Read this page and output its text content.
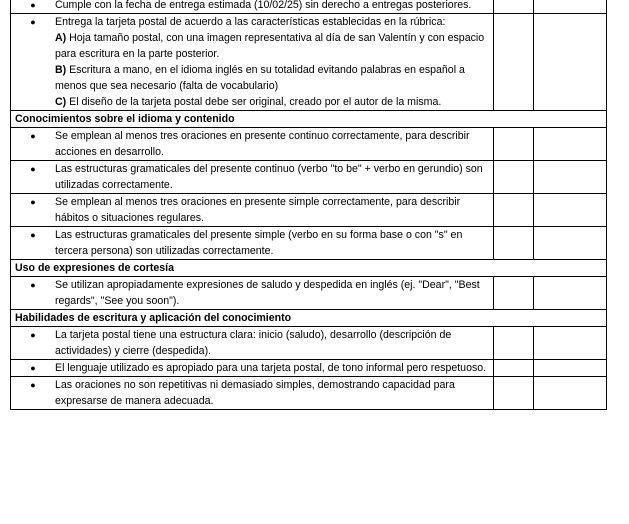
● Cumple con la fecha de entrega estimada (10/02/25) sin derecho a entregas posteriores.		

● Entrega la tarjeta postal de acuerdo a las características establecidas en la rúbrica:
A) Hoja tamaño postal, con una imagen representativa al día de san Valentín y con espacio para escritura en la parte posterior.
B) Escritura a mano, en el idioma inglés en su totalidad evitando palabras en español a menos que sea necesario (falta de vocabulario)
C) El diseño de la tarjeta postal debe ser original, creado por el autor de la misma.		

Conocimientos sobre el idioma y contenido		

● Se emplean al menos tres oraciones en presente continuo correctamente, para describir acciones en desarrollo.		

● Las estructuras gramaticales del presente continuo (verbo "to be" + verbo en gerundio) son utilizadas correctamente.		

● Se emplean al menos tres oraciones en presente simple correctamente, para describir hábitos o situaciones regulares.		

● Las estructuras gramaticales del presente simple (verbo en su forma base o con "s" en tercera persona) son utilizadas correctamente.		

Uso de expresiones de cortesía		

● Se utilizan apropiadamente expresiones de saludo y despedida en inglés (ej. "Dear", "Best regards", "See you soon").		

Habilidades de escritura y aplicación del conocimiento		

● La tarjeta postal tiene una estructura clara: inicio (saludo), desarrollo (descripción de actividades) y cierre (despedida).		

● El lenguaje utilizado es apropiado para una tarjeta postal, de tono informal pero respetuoso.		

● Las oraciones no son repetitivas ni demasiado simples, demostrando capacidad para expresarse de manera adecuada.		
